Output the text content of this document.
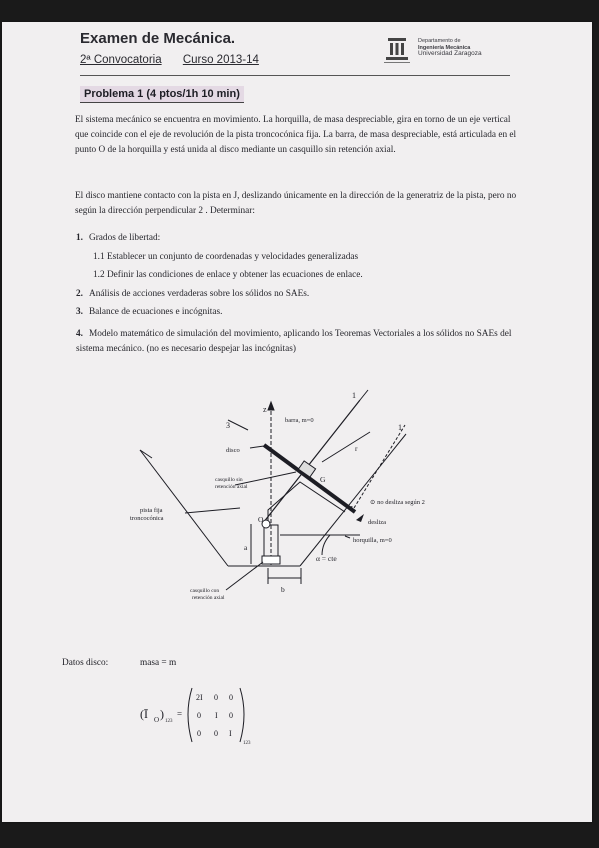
Examen de Mecánica.
2ª Convocatoria Curso 2013-14
Departamento de
Ingeniería Mecánica
Universidad Zaragoza
Problema 1 (4 ptos/1h 10 min)
El sistema mecánico se encuentra en movimiento. La horquilla, de masa despreciable, gira en torno de un eje vertical que coincide con el eje de revolución de la pista troncocónica fija. La barra, de masa despreciable, está articulada en el punto O de la horquilla y está unida al disco mediante un casquillo sin retención axial.
El disco mantiene contacto con la pista en J, deslizando únicamente en la dirección de la generatriz de la pista, pero no según la dirección perpendicular 2 . Determinar:
1. Grados de libertad:
1.1 Establecer un conjunto de coordenadas y velocidades generalizadas
1.2 Definir las condiciones de enlace y obtener las ecuaciones de enlace.
2. Análisis de acciones verdaderas sobre los sólidos no SAEs.
3. Balance de ecuaciones e incógnitas.
4. Modelo matemático de simulación del movimiento, aplicando los Teoremas Vectoriales a los sólidos no SAEs del sistema mecánico. (no es necesario despejar las incógnitas)
1
1
3
z
barra, m=0
disco	r
G
casquillo sin
retención axial
pista fija
troncocónica	O
J
⊙ no desliza según 2
desliza
horquilla, m=0
α = cte
a
b
casquillo con
retención axial
Datos disco:	masa = m
(Ī O )
123
=
2I 0 0
0 I 0
0 0 I
123
